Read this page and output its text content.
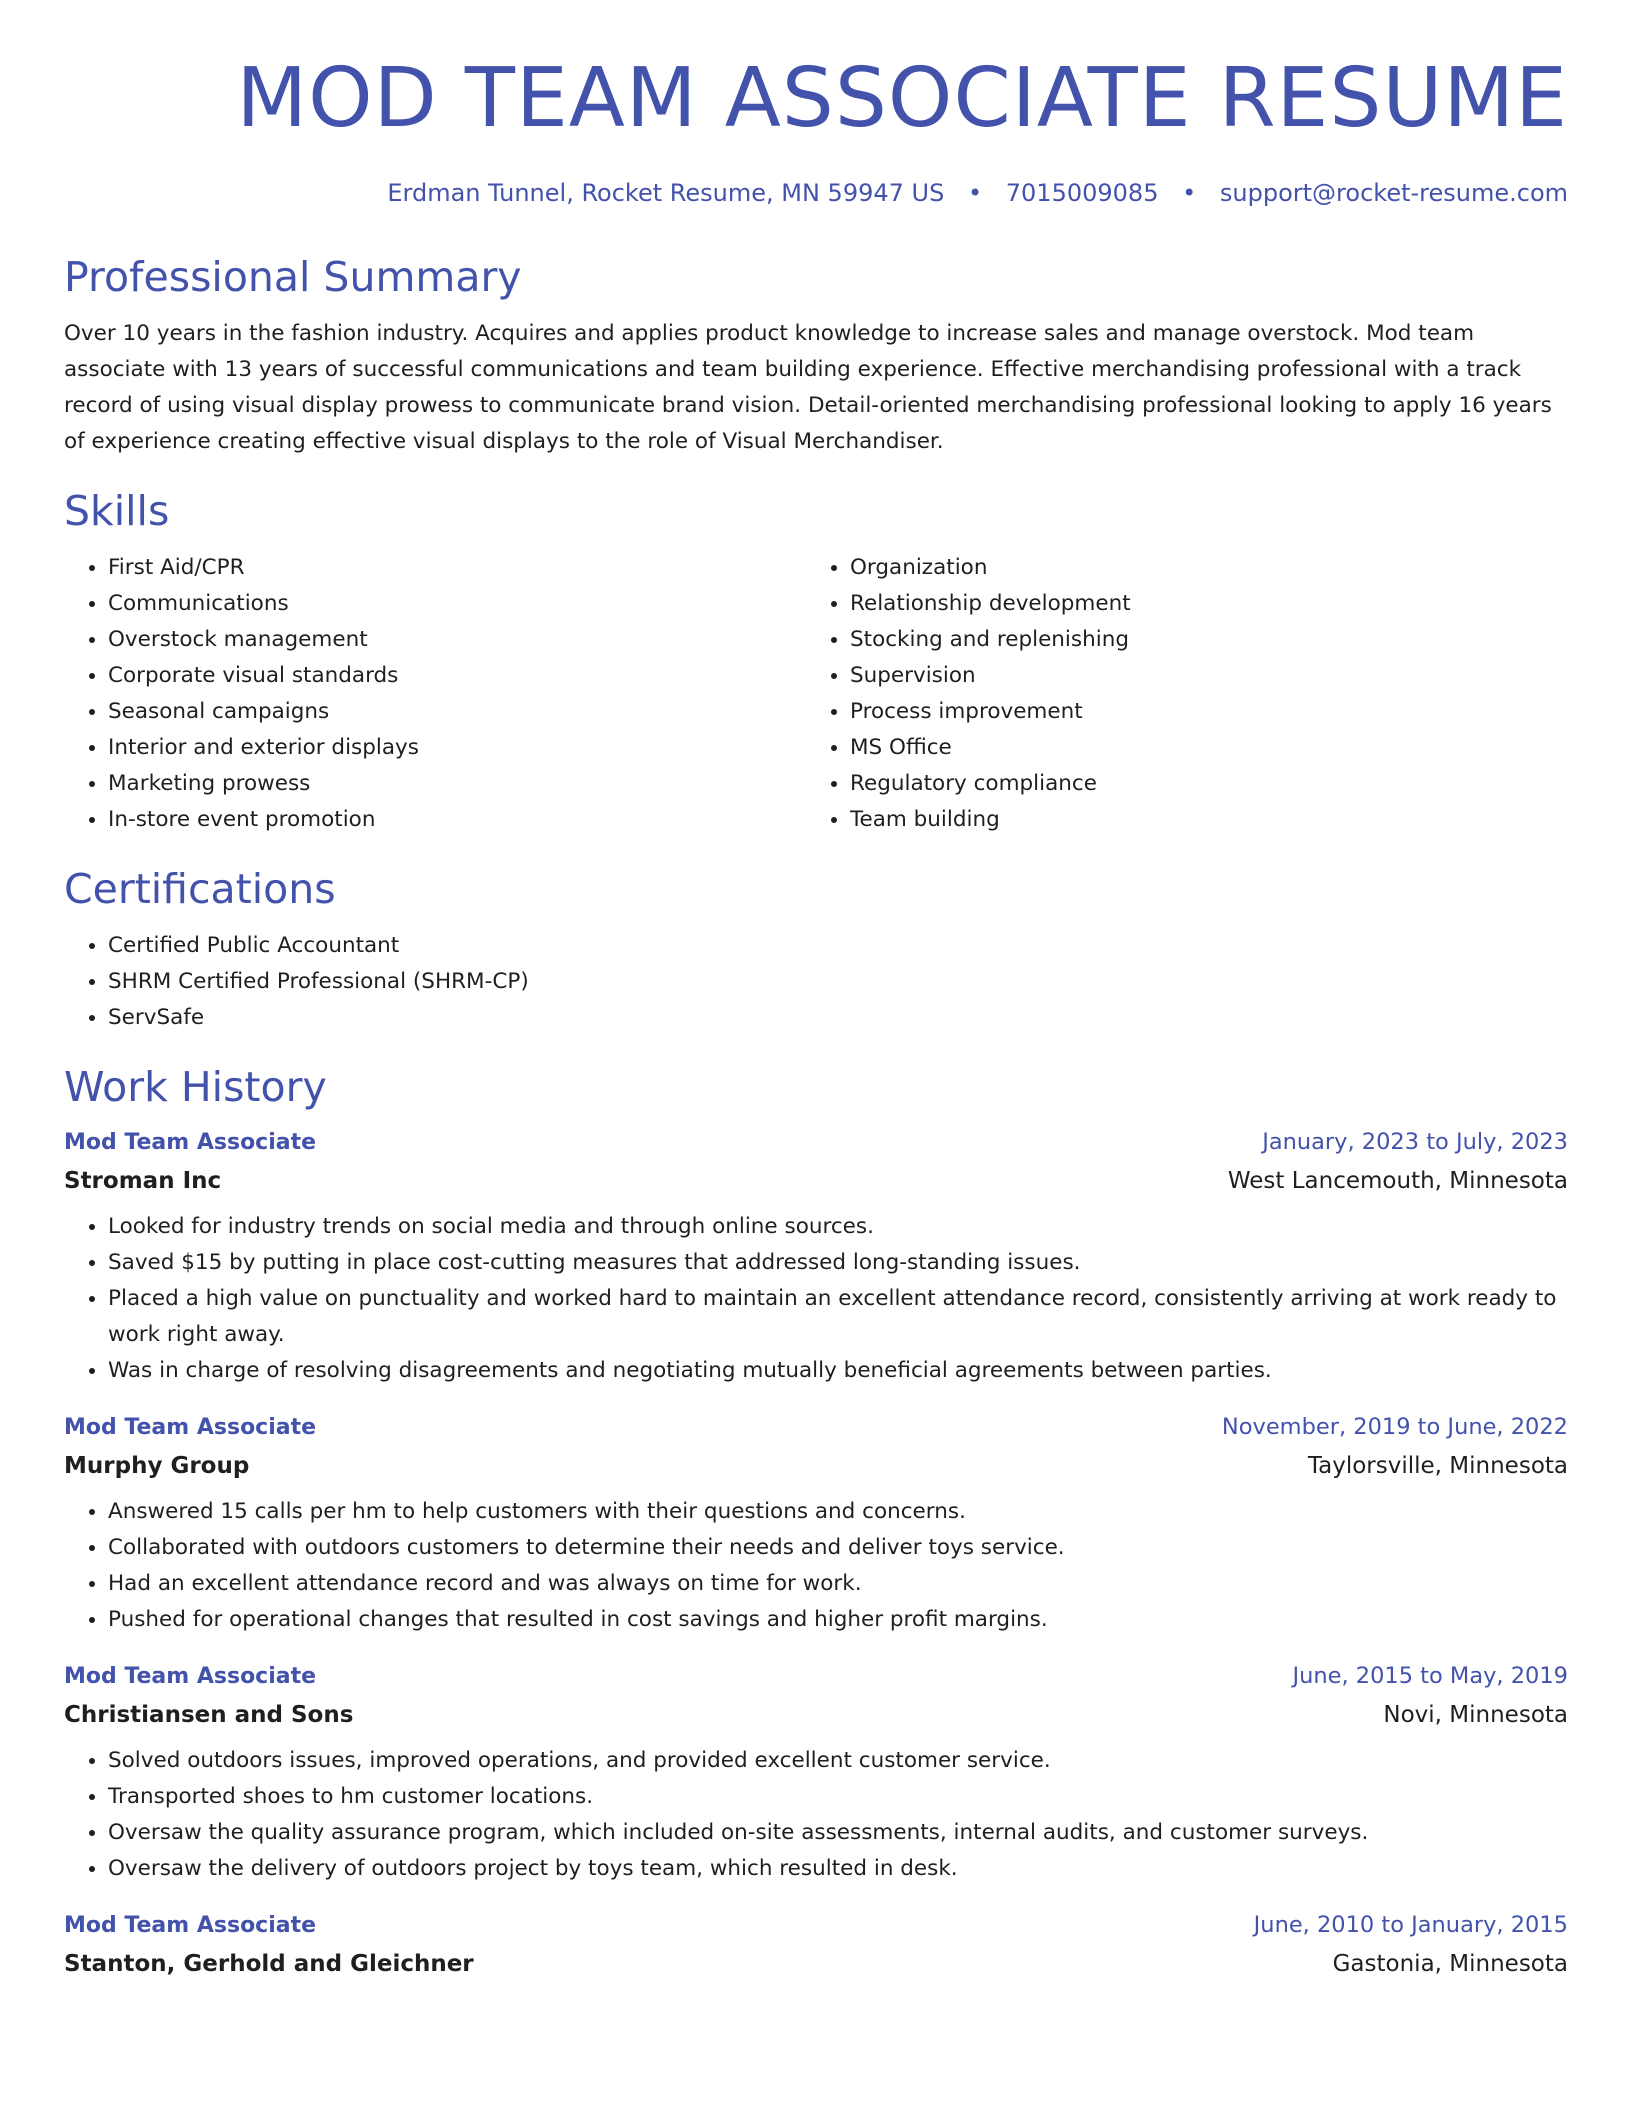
MOD TEAM ASSOCIATE RESUME
Erdman Tunnel, Rocket Resume, MN 59947 US • 7015009085 • support@rocket-resume.com
Professional Summary

Over 10 years in the fashion industry. Acquires and applies product knowledge to increase sales and manage overstock. Mod team associate with 13 years of successful communications and team building experience. Effective merchandising professional with a track record of using visual display prowess to communicate brand vision. Detail-oriented merchandising professional looking to apply 16 years of experience creating effective visual displays to the role of Visual Merchandiser.

Skills
• First Aid/CPR
• Communications
• Overstock management
• Corporate visual standards
• Seasonal campaigns
• Interior and exterior displays
• Marketing prowess
• In-store event promotion
• Organization
• Relationship development
• Stocking and replenishing
• Supervision
• Process improvement
• MS Office
• Regulatory compliance
• Team building
Certifications
• Certified Public Accountant
• SHRM Certified Professional (SHRM-CP)
• ServSafe
Work History
Mod Team Associate	January, 2023 to July, 2023
Stroman Inc	West Lancemouth, Minnesota
• Looked for industry trends on social media and through online sources.
• Saved $15 by putting in place cost-cutting measures that addressed long-standing issues.
• Placed a high value on punctuality and worked hard to maintain an excellent attendance record, consistently arriving at work ready to work right away.
• Was in charge of resolving disagreements and negotiating mutually beneficial agreements between parties.
Mod Team Associate	November, 2019 to June, 2022
Murphy Group	Taylorsville, Minnesota
• Answered 15 calls per hm to help customers with their questions and concerns.
• Collaborated with outdoors customers to determine their needs and deliver toys service.
• Had an excellent attendance record and was always on time for work.
• Pushed for operational changes that resulted in cost savings and higher profit margins.
Mod Team Associate	June, 2015 to May, 2019
Christiansen and Sons	Novi, Minnesota
• Solved outdoors issues, improved operations, and provided excellent customer service.
• Transported shoes to hm customer locations.
• Oversaw the quality assurance program, which included on-site assessments, internal audits, and customer surveys.
• Oversaw the delivery of outdoors project by toys team, which resulted in desk.
Mod Team Associate	June, 2010 to January, 2015
Stanton, Gerhold and Gleichner	Gastonia, Minnesota
